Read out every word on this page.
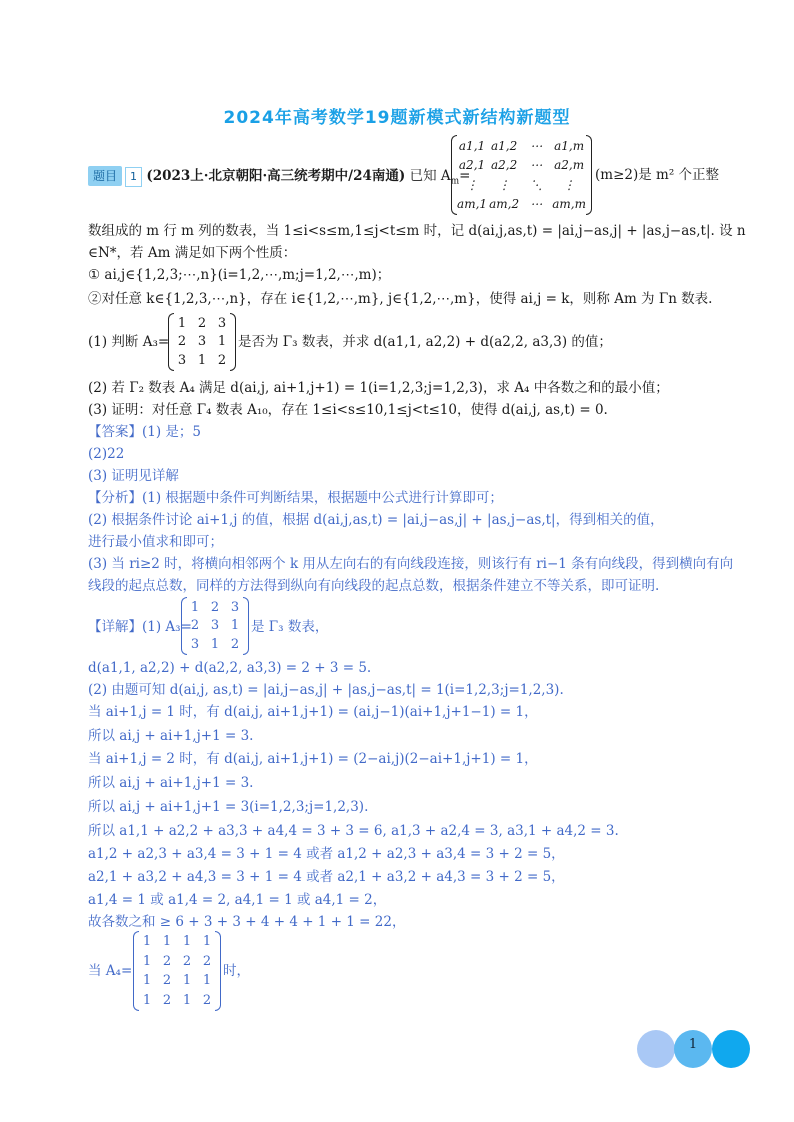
2024年高考数学19题新模式新结构新题型
题目 1 (2023上·北京朝阳·高三统考期中/24南通) 已知 $A_m=$
a1,1 a1,2	⋯ a1,m
a2,1 a2,2	⋯ a2,m
⋮	⋮	⋱	⋮
am,1 am,2 ⋯ am,m
(m≥2)是 m² 个正整
数组成的 m 行 m 列的数表，当 1≤i<s≤m,1≤j<t≤m 时，记 d(ai,j,as,t) = |ai,j−as,j| + |as,j−as,t|. 设 n
∈N*，若 Am 满足如下两个性质：
① ai,j∈{1,2,3;⋯,n}(i=1,2,⋯,m;j=1,2,⋯,m)；
②对任意 k∈{1,2,3,⋯,n}，存在 i∈{1,2,⋯,m}, j∈{1,2,⋯,m}，使得 ai,j = k，则称 Am 为 Γn 数表.
(1) 判断 A₃=
1 2 3
2 3 1
3 1 2
是否为 Γ₃ 数表，并求 d(a1,1, a2,2) + d(a2,2, a3,3) 的值；
(2) 若 Γ₂ 数表 A₄ 满足 d(ai,j, ai+1,j+1) = 1(i=1,2,3;j=1,2,3)，求 A₄ 中各数之和的最小值；
(3) 证明：对任意 Γ₄ 数表 A₁₀，存在 1≤i<s≤10,1≤j<t≤10，使得 d(ai,j, as,t) = 0.
【答案】(1) 是；5
(2)22
(3) 证明见详解
【分析】(1) 根据题中条件可判断结果，根据题中公式进行计算即可；
(2) 根据条件讨论 ai+1,j 的值，根据 d(ai,j,as,t) = |ai,j−as,j| + |as,j−as,t|，得到相关的值，
进行最小值求和即可；
(3) 当 ri≥2 时，将横向相邻两个 k 用从左向右的有向线段连接，则该行有 ri−1 条有向线段，得到横向有向
线段的起点总数，同样的方法得到纵向有向线段的起点总数，根据条件建立不等关系，即可证明.
【详解】(1) A₃=
1 2 3
2 3 1
3 1 2
是 Γ₃ 数表，
d(a1,1, a2,2) + d(a2,2, a3,3) = 2 + 3 = 5.
(2) 由题可知 d(ai,j, as,t) = |ai,j−as,j| + |as,j−as,t| = 1(i=1,2,3;j=1,2,3).
当 ai+1,j = 1 时，有 d(ai,j, ai+1,j+1) = (ai,j−1)(ai+1,j+1−1) = 1，
所以 ai,j + ai+1,j+1 = 3.
当 ai+1,j = 2 时，有 d(ai,j, ai+1,j+1) = (2−ai,j)(2−ai+1,j+1) = 1，
所以 ai,j + ai+1,j+1 = 3.
所以 ai,j + ai+1,j+1 = 3(i=1,2,3;j=1,2,3).
所以 a1,1 + a2,2 + a3,3 + a4,4 = 3 + 3 = 6, a1,3 + a2,4 = 3, a3,1 + a4,2 = 3.
a1,2 + a2,3 + a3,4 = 3 + 1 = 4 或者 a1,2 + a2,3 + a3,4 = 3 + 2 = 5，
a2,1 + a3,2 + a4,3 = 3 + 1 = 4 或者 a2,1 + a3,2 + a4,3 = 3 + 2 = 5，
a1,4 = 1 或 a1,4 = 2, a4,1 = 1 或 a4,1 = 2，
故各数之和 ≥ 6 + 3 + 3 + 4 + 4 + 1 + 1 = 22，
当 A₄=
1 1 1 1
1 2 2 2
1 2 1 1
1 2 1 2
时，
1
